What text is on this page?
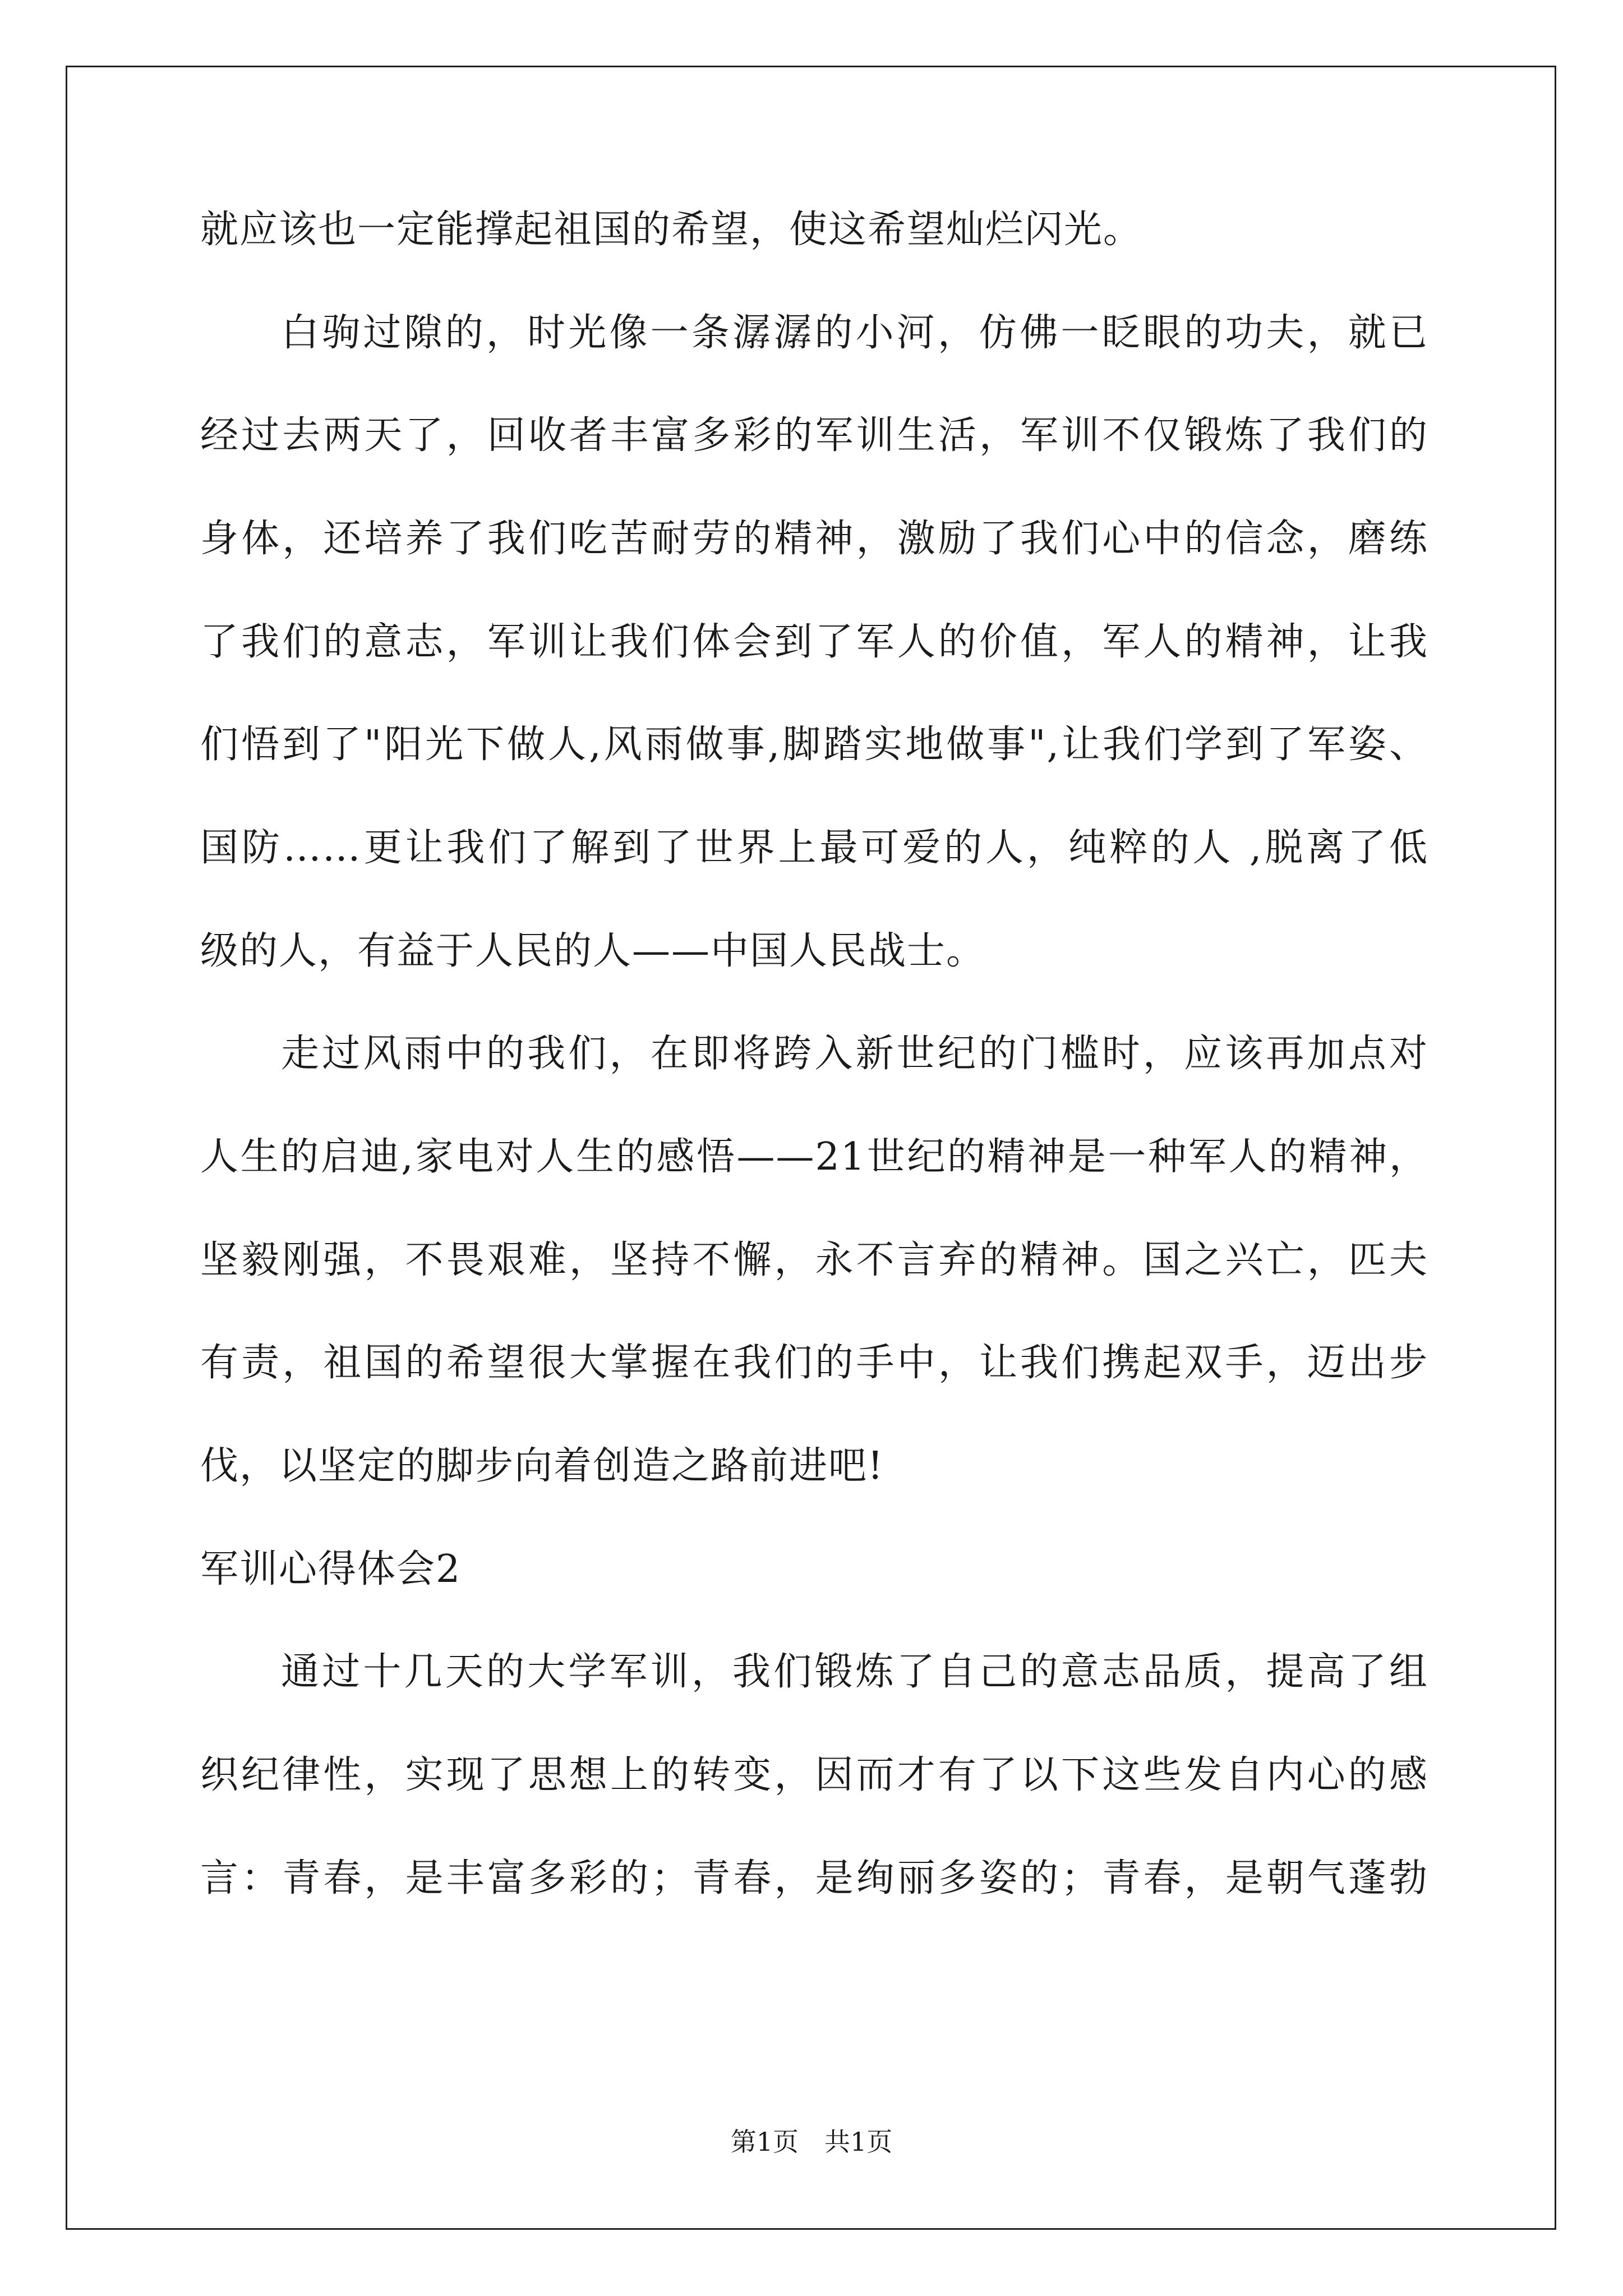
就应该也一定能撑起祖国的希望，使这希望灿烂闪光。
白驹过隙的，时光像一条潺潺的小河，仿佛一眨眼的功夫，就已
经过去两天了，回收者丰富多彩的军训生活，军训不仅锻炼了我们的
身体，还培养了我们吃苦耐劳的精神，激励了我们心中的信念，磨练
了我们的意志，军训让我们体会到了军人的价值，军人的精神，让我
们悟到了"阳光下做人,风雨做事,脚踏实地做事",让我们学到了军姿、
国防……更让我们了解到了世界上最可爱的人，纯粹的人 ,脱离了低
级的人，有益于人民的人——中国人民战士。
走过风雨中的我们，在即将跨入新世纪的门槛时，应该再加点对
人生的启迪,家电对人生的感悟——21世纪的精神是一种军人的精神，
坚毅刚强，不畏艰难，坚持不懈，永不言弃的精神。国之兴亡，匹夫
有责，祖国的希望很大掌握在我们的手中，让我们携起双手，迈出步
伐，以坚定的脚步向着创造之路前进吧!
军训心得体会2
通过十几天的大学军训，我们锻炼了自己的意志品质，提高了组
织纪律性，实现了思想上的转变，因而才有了以下这些发自内心的感
言：青春，是丰富多彩的；青春，是绚丽多姿的；青春，是朝气蓬勃
第1页　共1页
